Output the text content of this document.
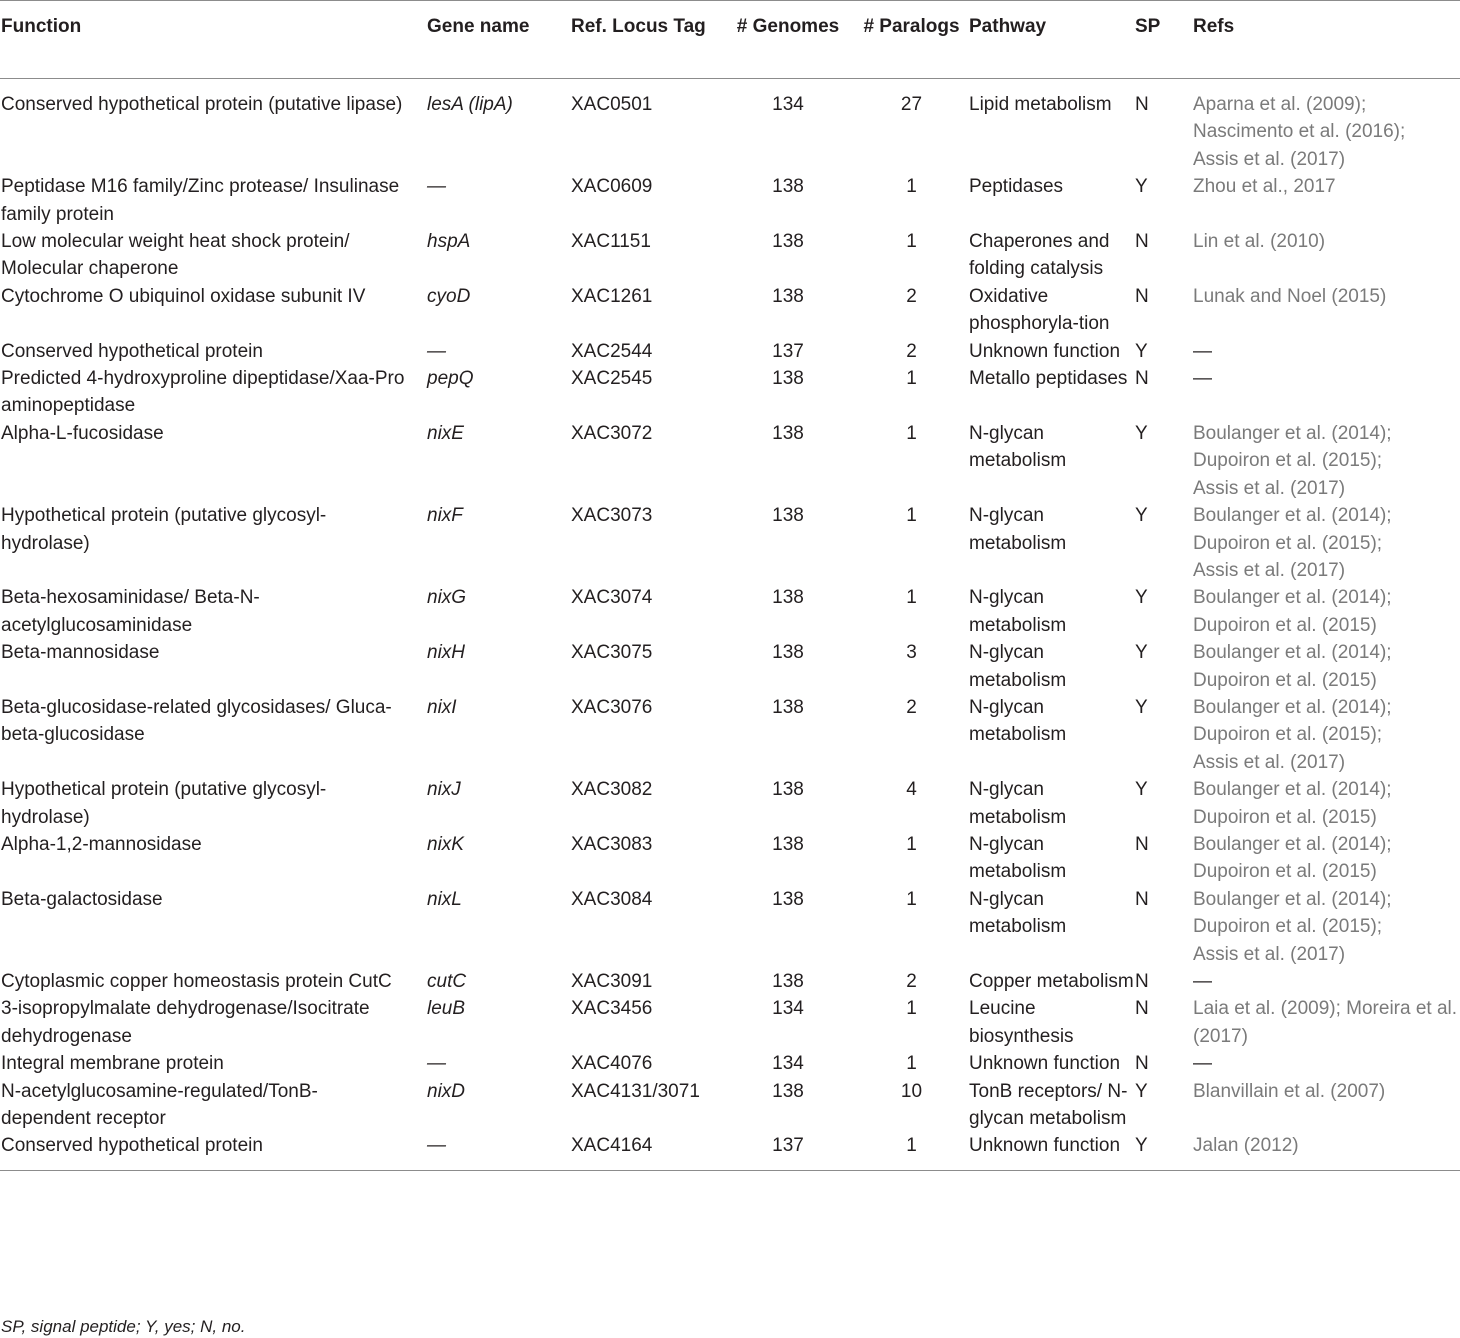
Function	Gene name	Ref. Locus Tag	# Genomes	# Paralogs	Pathway	SP	Refs
Conserved hypothetical protein (putative lipase)	lesA (lipA)	XAC0501	134	27	Lipid metabolism	N	Aparna et al. (2009);
Nascimento et al. (2016);
Assis et al. (2017)

Peptidase M16 family/Zinc protease/ Insulinase family protein	—	XAC0609	138	1	Peptidases	Y	Zhou et al., 2017

Low molecular weight heat shock protein/ Molecular chaperone	hspA	XAC1151	138	1	Chaperones and folding catalysis	N	Lin et al. (2010)

Cytochrome O ubiquinol oxidase subunit IV	cyoD	XAC1261	138	2	Oxidative phosphoryla-tion	N	Lunak and Noel (2015)

Conserved hypothetical protein	—	XAC2544	137	2	Unknown function	Y	—

Predicted 4-hydroxyproline dipeptidase/Xaa-Pro aminopeptidase	pepQ	XAC2545	138	1	Metallo peptidases	N	—

Alpha-L-fucosidase	nixE	XAC3072	138	1	N-glycan metabolism	Y	Boulanger et al. (2014);
Dupoiron et al. (2015);
Assis et al. (2017)

Hypothetical protein (putative glycosyl-hydrolase)	nixF	XAC3073	138	1	N-glycan metabolism	Y	Boulanger et al. (2014);
Dupoiron et al. (2015);
Assis et al. (2017)

Beta-hexosaminidase/ Beta-N-acetylglucosaminidase	nixG	XAC3074	138	1	N-glycan metabolism	Y	Boulanger et al. (2014);
Dupoiron et al. (2015)

Beta-mannosidase	nixH	XAC3075	138	3	N-glycan metabolism	Y	Boulanger et al. (2014);
Dupoiron et al. (2015)

Beta-glucosidase-related glycosidases/ Gluca-beta-glucosidase	nixI	XAC3076	138	2	N-glycan metabolism	Y	Boulanger et al. (2014);
Dupoiron et al. (2015);
Assis et al. (2017)

Hypothetical protein (putative glycosyl-hydrolase)	nixJ	XAC3082	138	4	N-glycan metabolism	Y	Boulanger et al. (2014);
Dupoiron et al. (2015)

Alpha-1,2-mannosidase	nixK	XAC3083	138	1	N-glycan metabolism	N	Boulanger et al. (2014);
Dupoiron et al. (2015)

Beta-galactosidase	nixL	XAC3084	138	1	N-glycan metabolism	N	Boulanger et al. (2014);
Dupoiron et al. (2015);
Assis et al. (2017)

Cytoplasmic copper homeostasis protein CutC	cutC	XAC3091	138	2	Copper metabolism	N	—

3-isopropylmalate dehydrogenase/Isocitrate dehydrogenase	leuB	XAC3456	134	1	Leucine biosynthesis	N	Laia et al. (2009); Moreira et al. (2017)

Integral membrane protein	—	XAC4076	134	1	Unknown function	N	—

N-acetylglucosamine-regulated/TonB-dependent receptor	nixD	XAC4131/3071	138	10	TonB receptors/ N-glycan metabolism	Y	Blanvillain et al. (2007)

Conserved hypothetical protein	—	XAC4164	137	1	Unknown function	Y	Jalan (2012)
SP, signal peptide; Y, yes; N, no.
